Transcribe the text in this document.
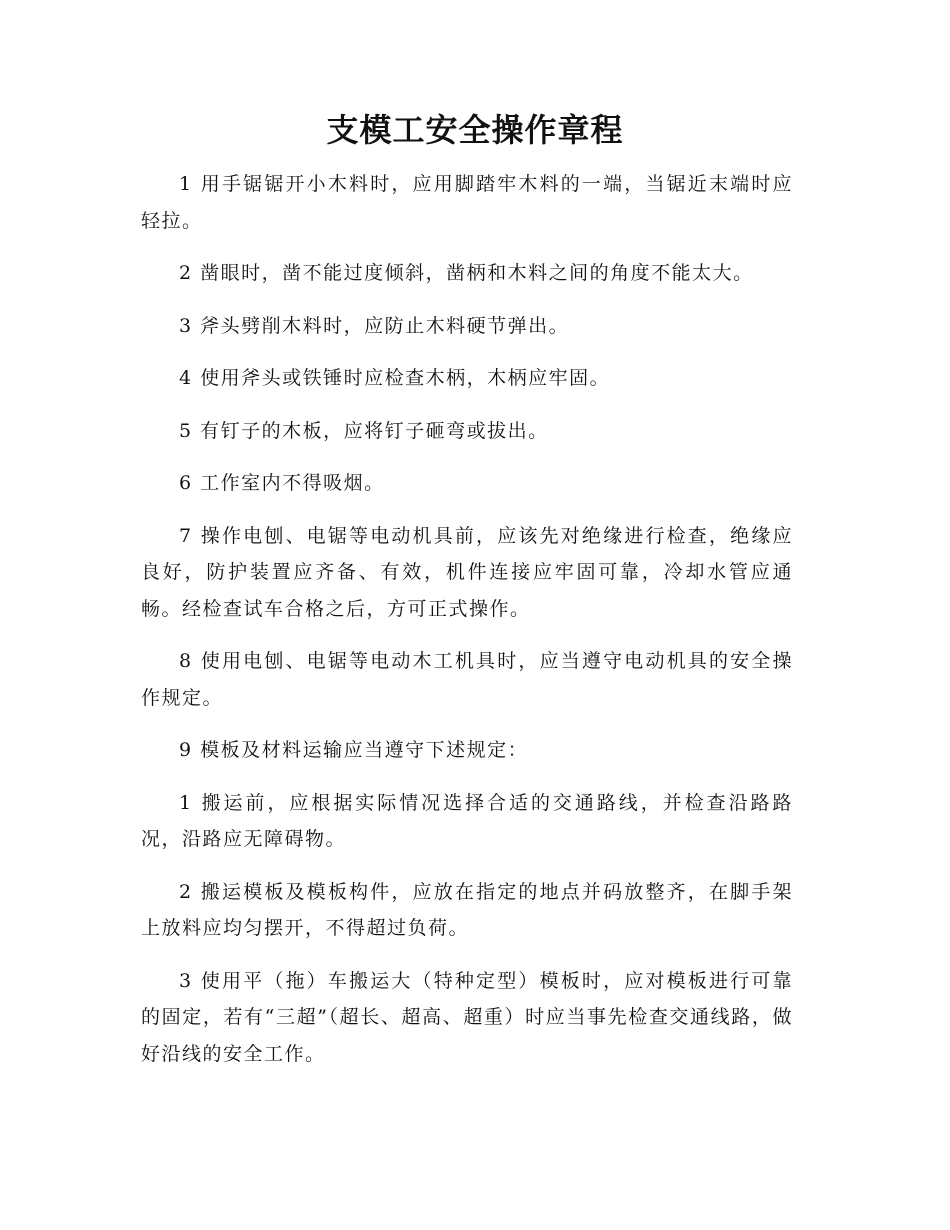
支模工安全操作章程

1 用手锯锯开小木料时，应用脚踏牢木料的一端，当锯近末端时应轻拉。

2 凿眼时，凿不能过度倾斜，凿柄和木料之间的角度不能太大。

3 斧头劈削木料时，应防止木料硬节弹出。

4 使用斧头或铁锤时应检查木柄，木柄应牢固。

5 有钉子的木板，应将钉子砸弯或拔出。

6 工作室内不得吸烟。

7 操作电刨、电锯等电动机具前，应该先对绝缘进行检查，绝缘应良好，防护装置应齐备、有效，机件连接应牢固可靠，冷却水管应通畅。经检查试车合格之后，方可正式操作。

8 使用电刨、电锯等电动木工机具时，应当遵守电动机具的安全操作规定。

9 模板及材料运输应当遵守下述规定：

1 搬运前，应根据实际情况选择合适的交通路线，并检查沿路路况，沿路应无障碍物。

2 搬运模板及模板构件，应放在指定的地点并码放整齐，在脚手架上放料应均匀摆开，不得超过负荷。

3 使用平（拖）车搬运大（特种定型）模板时，应对模板进行可靠的固定，若有“三超”（超长、超高、超重）时应当事先检查交通线路，做好沿线的安全工作。
